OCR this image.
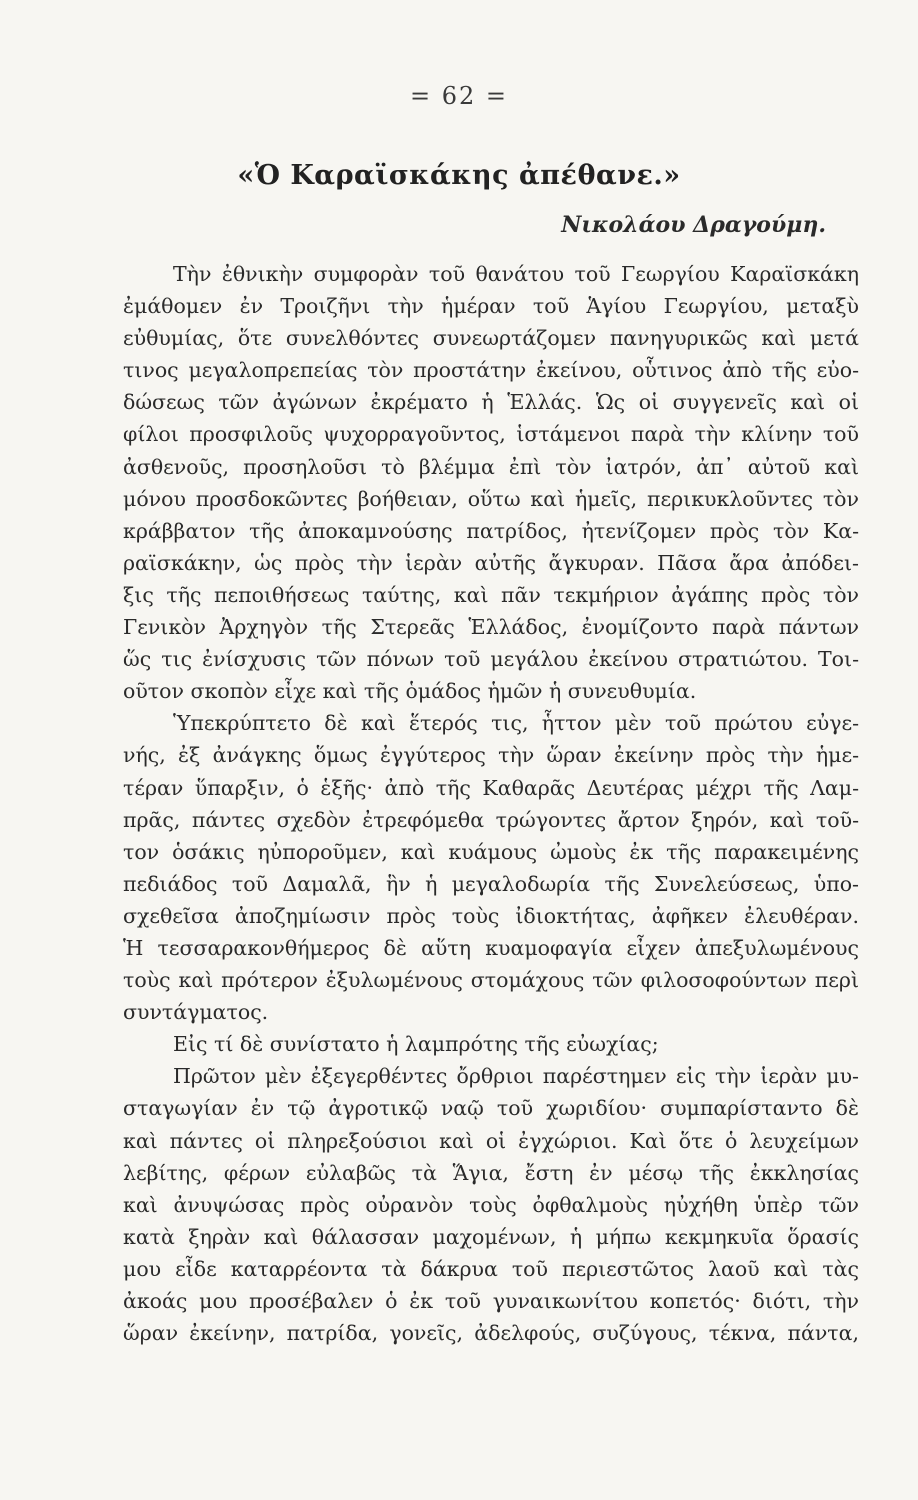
= 62 =
«Ὁ Καραϊσκάκης ἀπέθανε.»
Νικολάου Δραγούμη.
Τὴν ἐθνικὴν συμφορὰν τοῦ θανάτου τοῦ Γεωργίου Καραϊσκάκη
ἐμάθομεν ἐν Τροιζῆνι τὴν ἡμέραν τοῦ Ἁγίου Γεωργίου, μεταξὺ
εὐθυμίας, ὅτε συνελθόντες συνεωρτάζομεν πανηγυρικῶς καὶ μετά
τινος μεγαλοπρεπείας τὸν προστάτην ἐκείνου, οὗτινος ἀπὸ τῆς εὐο-
δώσεως τῶν ἀγώνων ἐκρέματο ἡ Ἑλλάς. Ὡς οἱ συγγενεῖς καὶ οἱ
φίλοι προσφιλοῦς ψυχορραγοῦντος, ἱστάμενοι παρὰ τὴν κλίνην τοῦ
ἀσθενοῦς, προσηλοῦσι τὸ βλέμμα ἐπὶ τὸν ἰατρόν, ἀπ᾽ αὐτοῦ καὶ
μόνου προσδοκῶντες βοήθειαν, οὕτω καὶ ἡμεῖς, περικυκλοῦντες τὸν
κράββατον τῆς ἀποκαμνούσης πατρίδος, ἠτενίζομεν πρὸς τὸν Κα-
ραϊσκάκην, ὡς πρὸς τὴν ἱερὰν αὐτῆς ἄγκυραν. Πᾶσα ἄρα ἀπόδει-
ξις τῆς πεποιθήσεως ταύτης, καὶ πᾶν τεκμήριον ἀγάπης πρὸς τὸν
Γενικὸν Ἀρχηγὸν τῆς Στερεᾶς Ἑλλάδος, ἐνομίζοντο παρὰ πάντων
ὥς τις ἐνίσχυσις τῶν πόνων τοῦ μεγάλου ἐκείνου στρατιώτου. Τοι-
οῦτον σκοπὸν εἶχε καὶ τῆς ὁμάδος ἡμῶν ἡ συνευθυμία.
Ὑπεκρύπτετο δὲ καὶ ἕτερός τις, ἧττον μὲν τοῦ πρώτου εὐγε-
νής, ἐξ ἀνάγκης ὅμως ἐγγύτερος τὴν ὥραν ἐκείνην πρὸς τὴν ἡμε-
τέραν ὕπαρξιν, ὁ ἑξῆς· ἀπὸ τῆς Καθαρᾶς Δευτέρας μέχρι τῆς Λαμ-
πρᾶς, πάντες σχεδὸν ἐτρεφόμεθα τρώγοντες ἄρτον ξηρόν, καὶ τοῦ-
τον ὁσάκις ηὐποροῦμεν, καὶ κυάμους ὠμοὺς ἐκ τῆς παρακειμένης
πεδιάδος τοῦ Δαμαλᾶ, ἣν ἡ μεγαλοδωρία τῆς Συνελεύσεως, ὑπο-
σχεθεῖσα ἀποζημίωσιν πρὸς τοὺς ἰδιοκτήτας, ἀφῆκεν ἐλευθέραν.
Ἡ τεσσαρακονθήμερος δὲ αὕτη κυαμοφαγία εἶχεν ἀπεξυλωμένους
τοὺς καὶ πρότερον ἐξυλωμένους στομάχους τῶν φιλοσοφούντων περὶ
συντάγματος.
Εἰς τί δὲ συνίστατο ἡ λαμπρότης τῆς εὐωχίας;
Πρῶτον μὲν ἐξεγερθέντες ὄρθριοι παρέστημεν εἰς τὴν ἱερὰν μυ-
σταγωγίαν ἐν τῷ ἀγροτικῷ ναῷ τοῦ χωριδίου· συμπαρίσταντο δὲ
καὶ πάντες οἱ πληρεξούσιοι καὶ οἱ ἐγχώριοι. Καὶ ὅτε ὁ λευχείμων
λεβίτης, φέρων εὐλαβῶς τὰ Ἅγια, ἔστη ἐν μέσῳ τῆς ἐκκλησίας
καὶ ἀνυψώσας πρὸς οὐρανὸν τοὺς ὀφθαλμοὺς ηὐχήθη ὑπὲρ τῶν
κατὰ ξηρὰν καὶ θάλασσαν μαχομένων, ἡ μήπω κεκμηκυῖα ὅρασίς
μου εἶδε καταρρέοντα τὰ δάκρυα τοῦ περιεστῶτος λαοῦ καὶ τὰς
ἀκοάς μου προσέβαλεν ὁ ἐκ τοῦ γυναικωνίτου κοπετός· διότι, τὴν
ὥραν ἐκείνην, πατρίδα, γονεῖς, ἀδελφούς, συζύγους, τέκνα, πάντα,
